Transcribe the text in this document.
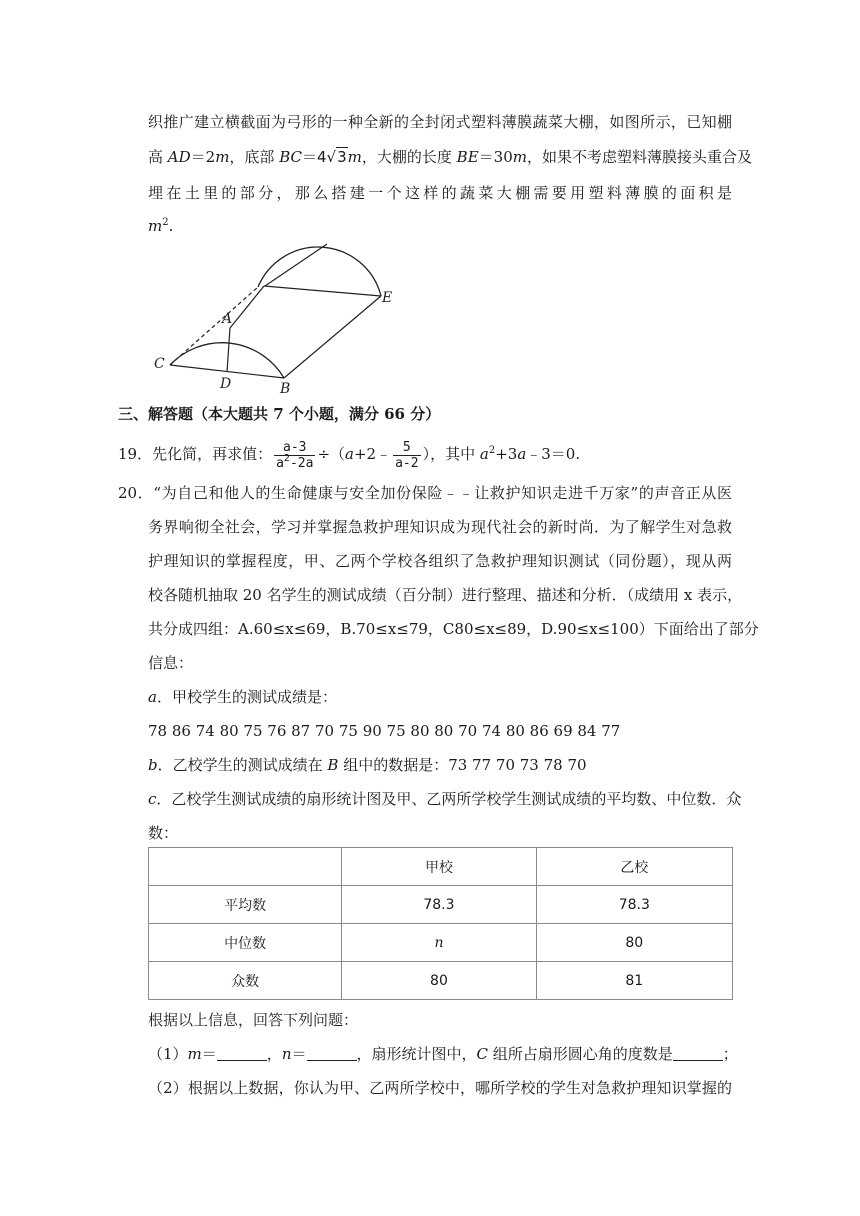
织推广建立横截面为弓形的一种全新的全封闭式塑料薄膜蔬菜大棚，如图所示，已知棚
高 AD＝2m，底部 BC＝4√3m，大棚的长度 BE＝30m，如果不考虑塑料薄膜接头重合及
埋在土里的部分，那么搭建一个这样的蔬菜大棚需要用塑料薄膜的面积是
$m^2$.
C
A
D	B
E
三、解答题（本大题共 7 个小题，满分 66 分）
19．先化简，再求值： $\frac{a-3}{a^2-2a}$ ÷（a+2﹣ $\frac{5}{a-2}$ ），其中 $a^2+3a﹣3=0$.
20．“为自己和他人的生命健康与安全加份保险﹣﹣让救护知识走进千万家”的声音正从医
务界响彻全社会，学习并掌握急救护理知识成为现代社会的新时尚．为了解学生对急救
护理知识的掌握程度，甲、乙两个学校各组织了急救护理知识测试（同份题），现从两
校各随机抽取 20 名学生的测试成绩（百分制）进行整理、描述和分析．（成绩用 x 表示，
共分成四组：A.60≤x≤69，B.70≤x≤79，C80≤x≤89，D.90≤x≤100）下面给出了部分
信息：
a．甲校学生的测试成绩是：
78 86 74 80 75 76 87 70 75 90 75 80 80 70 74 80 86 69 84 77
b．乙校学生的测试成绩在 B 组中的数据是：73 77 70 73 78 70
c．乙校学生测试成绩的扇形统计图及甲、乙两所学校学生测试成绩的平均数、中位数．众
数：
	甲校	乙校
平均数	78.3	78.3
中位数	n	80
众数	80	81
根据以上信息，回答下列问题：
（1）m＝	，n＝	，扇形统计图中，C 组所占扇形圆心角的度数是	；
（2）根据以上数据，你认为甲、乙两所学校中，哪所学校的学生对急救护理知识掌握的
